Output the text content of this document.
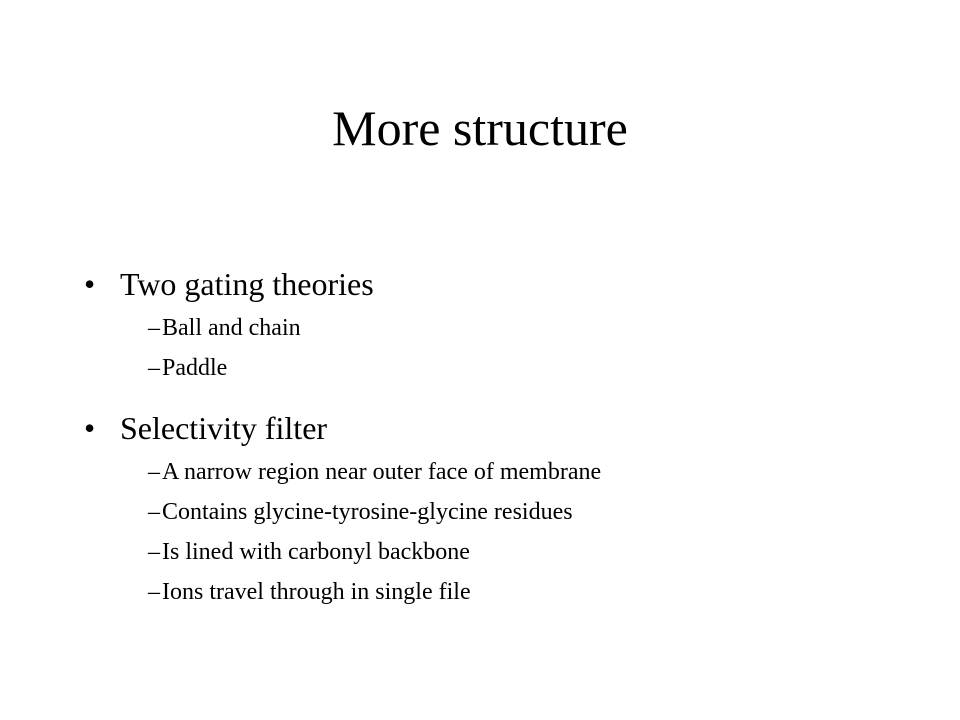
More structure
• Two gating theories
– Ball and chain
– Paddle
• Selectivity filter
– A narrow region near outer face of membrane
– Contains glycine-tyrosine-glycine residues
– Is lined with carbonyl backbone
– Ions travel through in single file
